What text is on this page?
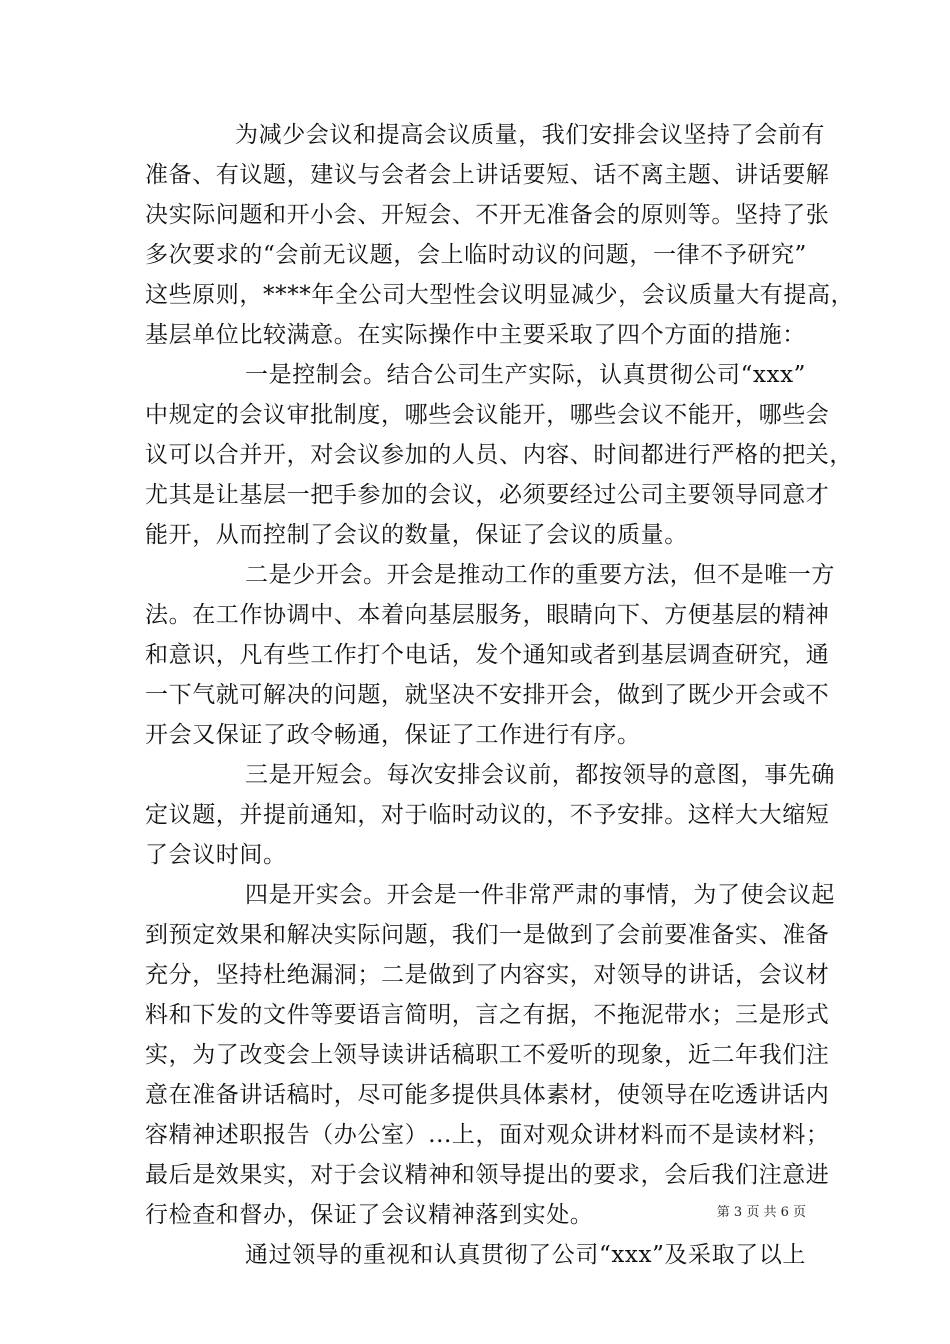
为减少会议和提高会议质量，我们安排会议坚持了会前有
准备、有议题，建议与会者会上讲话要短、话不离主题、讲话要解
决实际问题和开小会、开短会、不开无准备会的原则等。坚持了张
多次要求的“会前无议题，会上临时动议的问题，一律不予研究”
这些原则，****年全公司大型性会议明显减少，会议质量大有提高，
基层单位比较满意。在实际操作中主要采取了四个方面的措施：
一是控制会。结合公司生产实际，认真贯彻公司“xxx”
中规定的会议审批制度，哪些会议能开，哪些会议不能开，哪些会
议可以合并开，对会议参加的人员、内容、时间都进行严格的把关，
尤其是让基层一把手参加的会议，必须要经过公司主要领导同意才
能开，从而控制了会议的数量，保证了会议的质量。
二是少开会。开会是推动工作的重要方法，但不是唯一方
法。在工作协调中、本着向基层服务，眼睛向下、方便基层的精神
和意识，凡有些工作打个电话，发个通知或者到基层调查研究，通
一下气就可解决的问题，就坚决不安排开会，做到了既少开会或不
开会又保证了政令畅通，保证了工作进行有序。
三是开短会。每次安排会议前，都按领导的意图，事先确
定议题，并提前通知，对于临时动议的，不予安排。这样大大缩短
了会议时间。
四是开实会。开会是一件非常严肃的事情，为了使会议起
到预定效果和解决实际问题，我们一是做到了会前要准备实、准备
充分，坚持杜绝漏洞；二是做到了内容实，对领导的讲话，会议材
料和下发的文件等要语言简明，言之有据，不拖泥带水；三是形式
实，为了改变会上领导读讲话稿职工不爱听的现象，近二年我们注
意在准备讲话稿时，尽可能多提供具体素材，使领导在吃透讲话内
容精神述职报告（办公室）...上，面对观众讲材料而不是读材料；
最后是效果实，对于会议精神和领导提出的要求，会后我们注意进
行检查和督办，保证了会议精神落到实处。
通过领导的重视和认真贯彻了公司“xxx”及采取了以上
第 3 页 共 6 页
